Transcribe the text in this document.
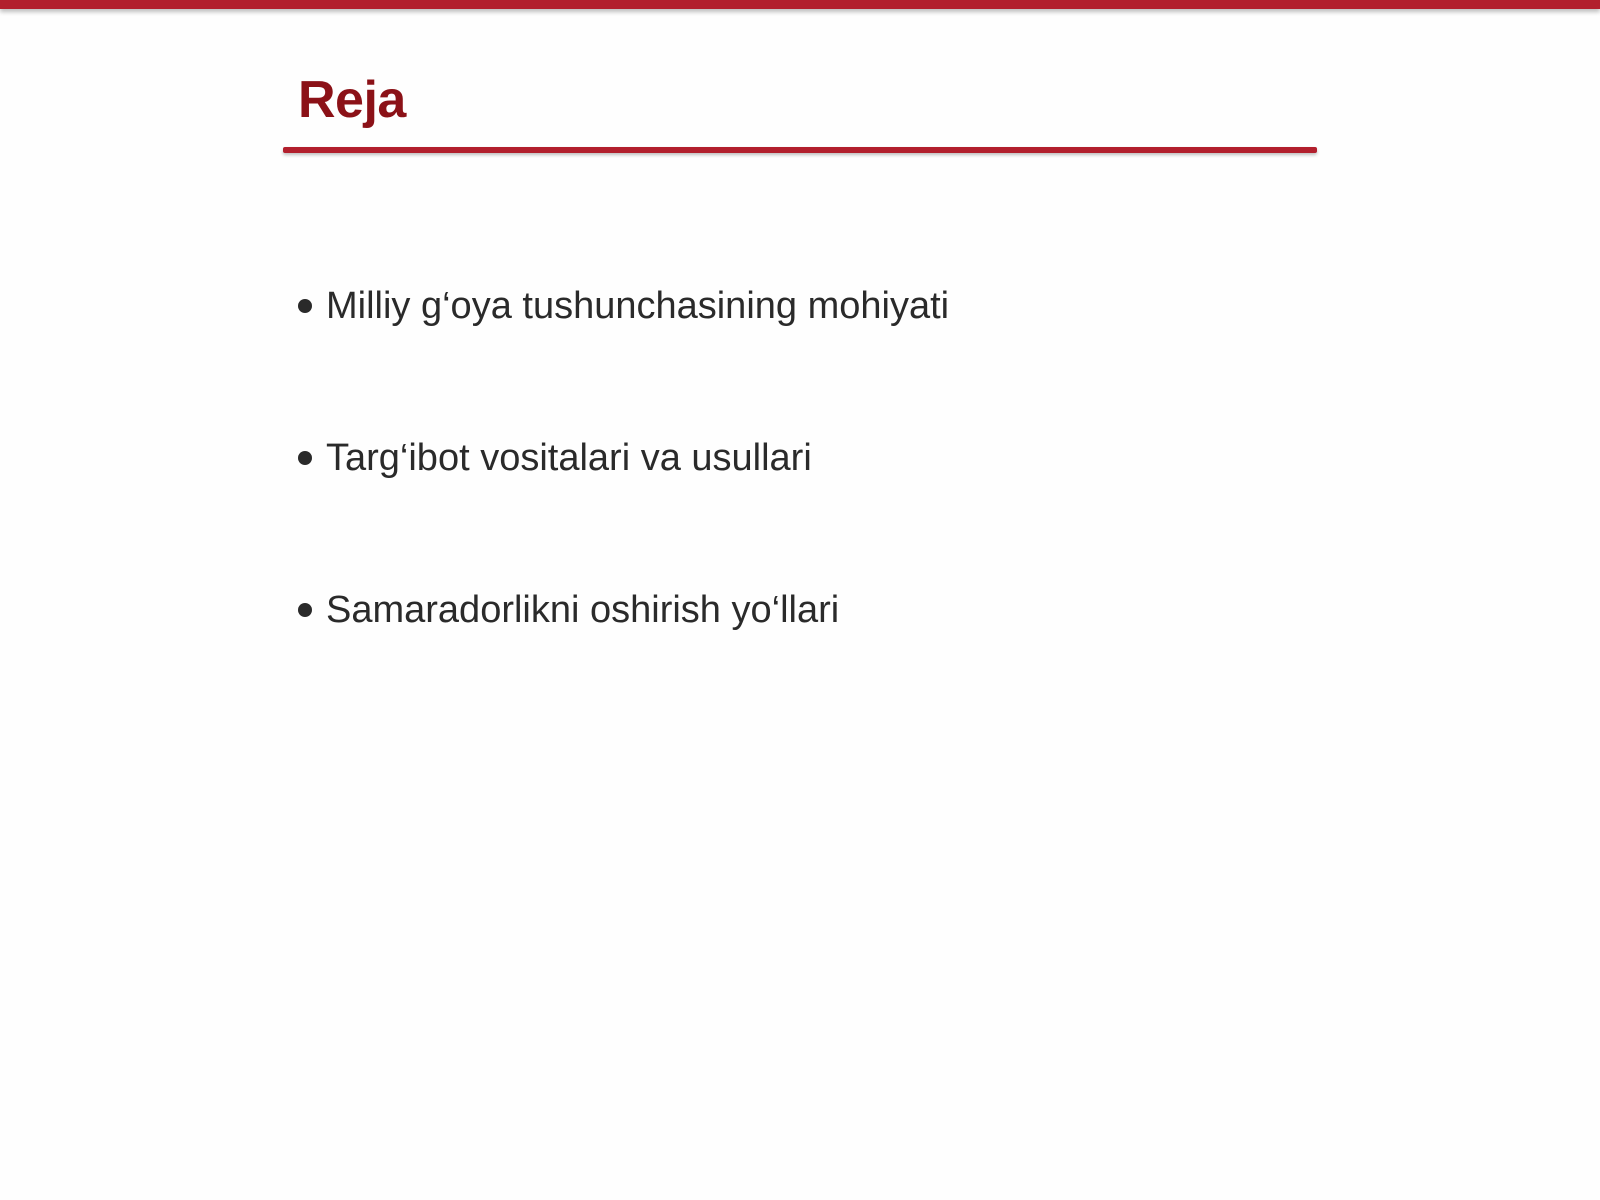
Reja
Milliy g‘oya tushunchasining mohiyati
Targ‘ibot vositalari va usullari
Samaradorlikni oshirish yo‘llari
